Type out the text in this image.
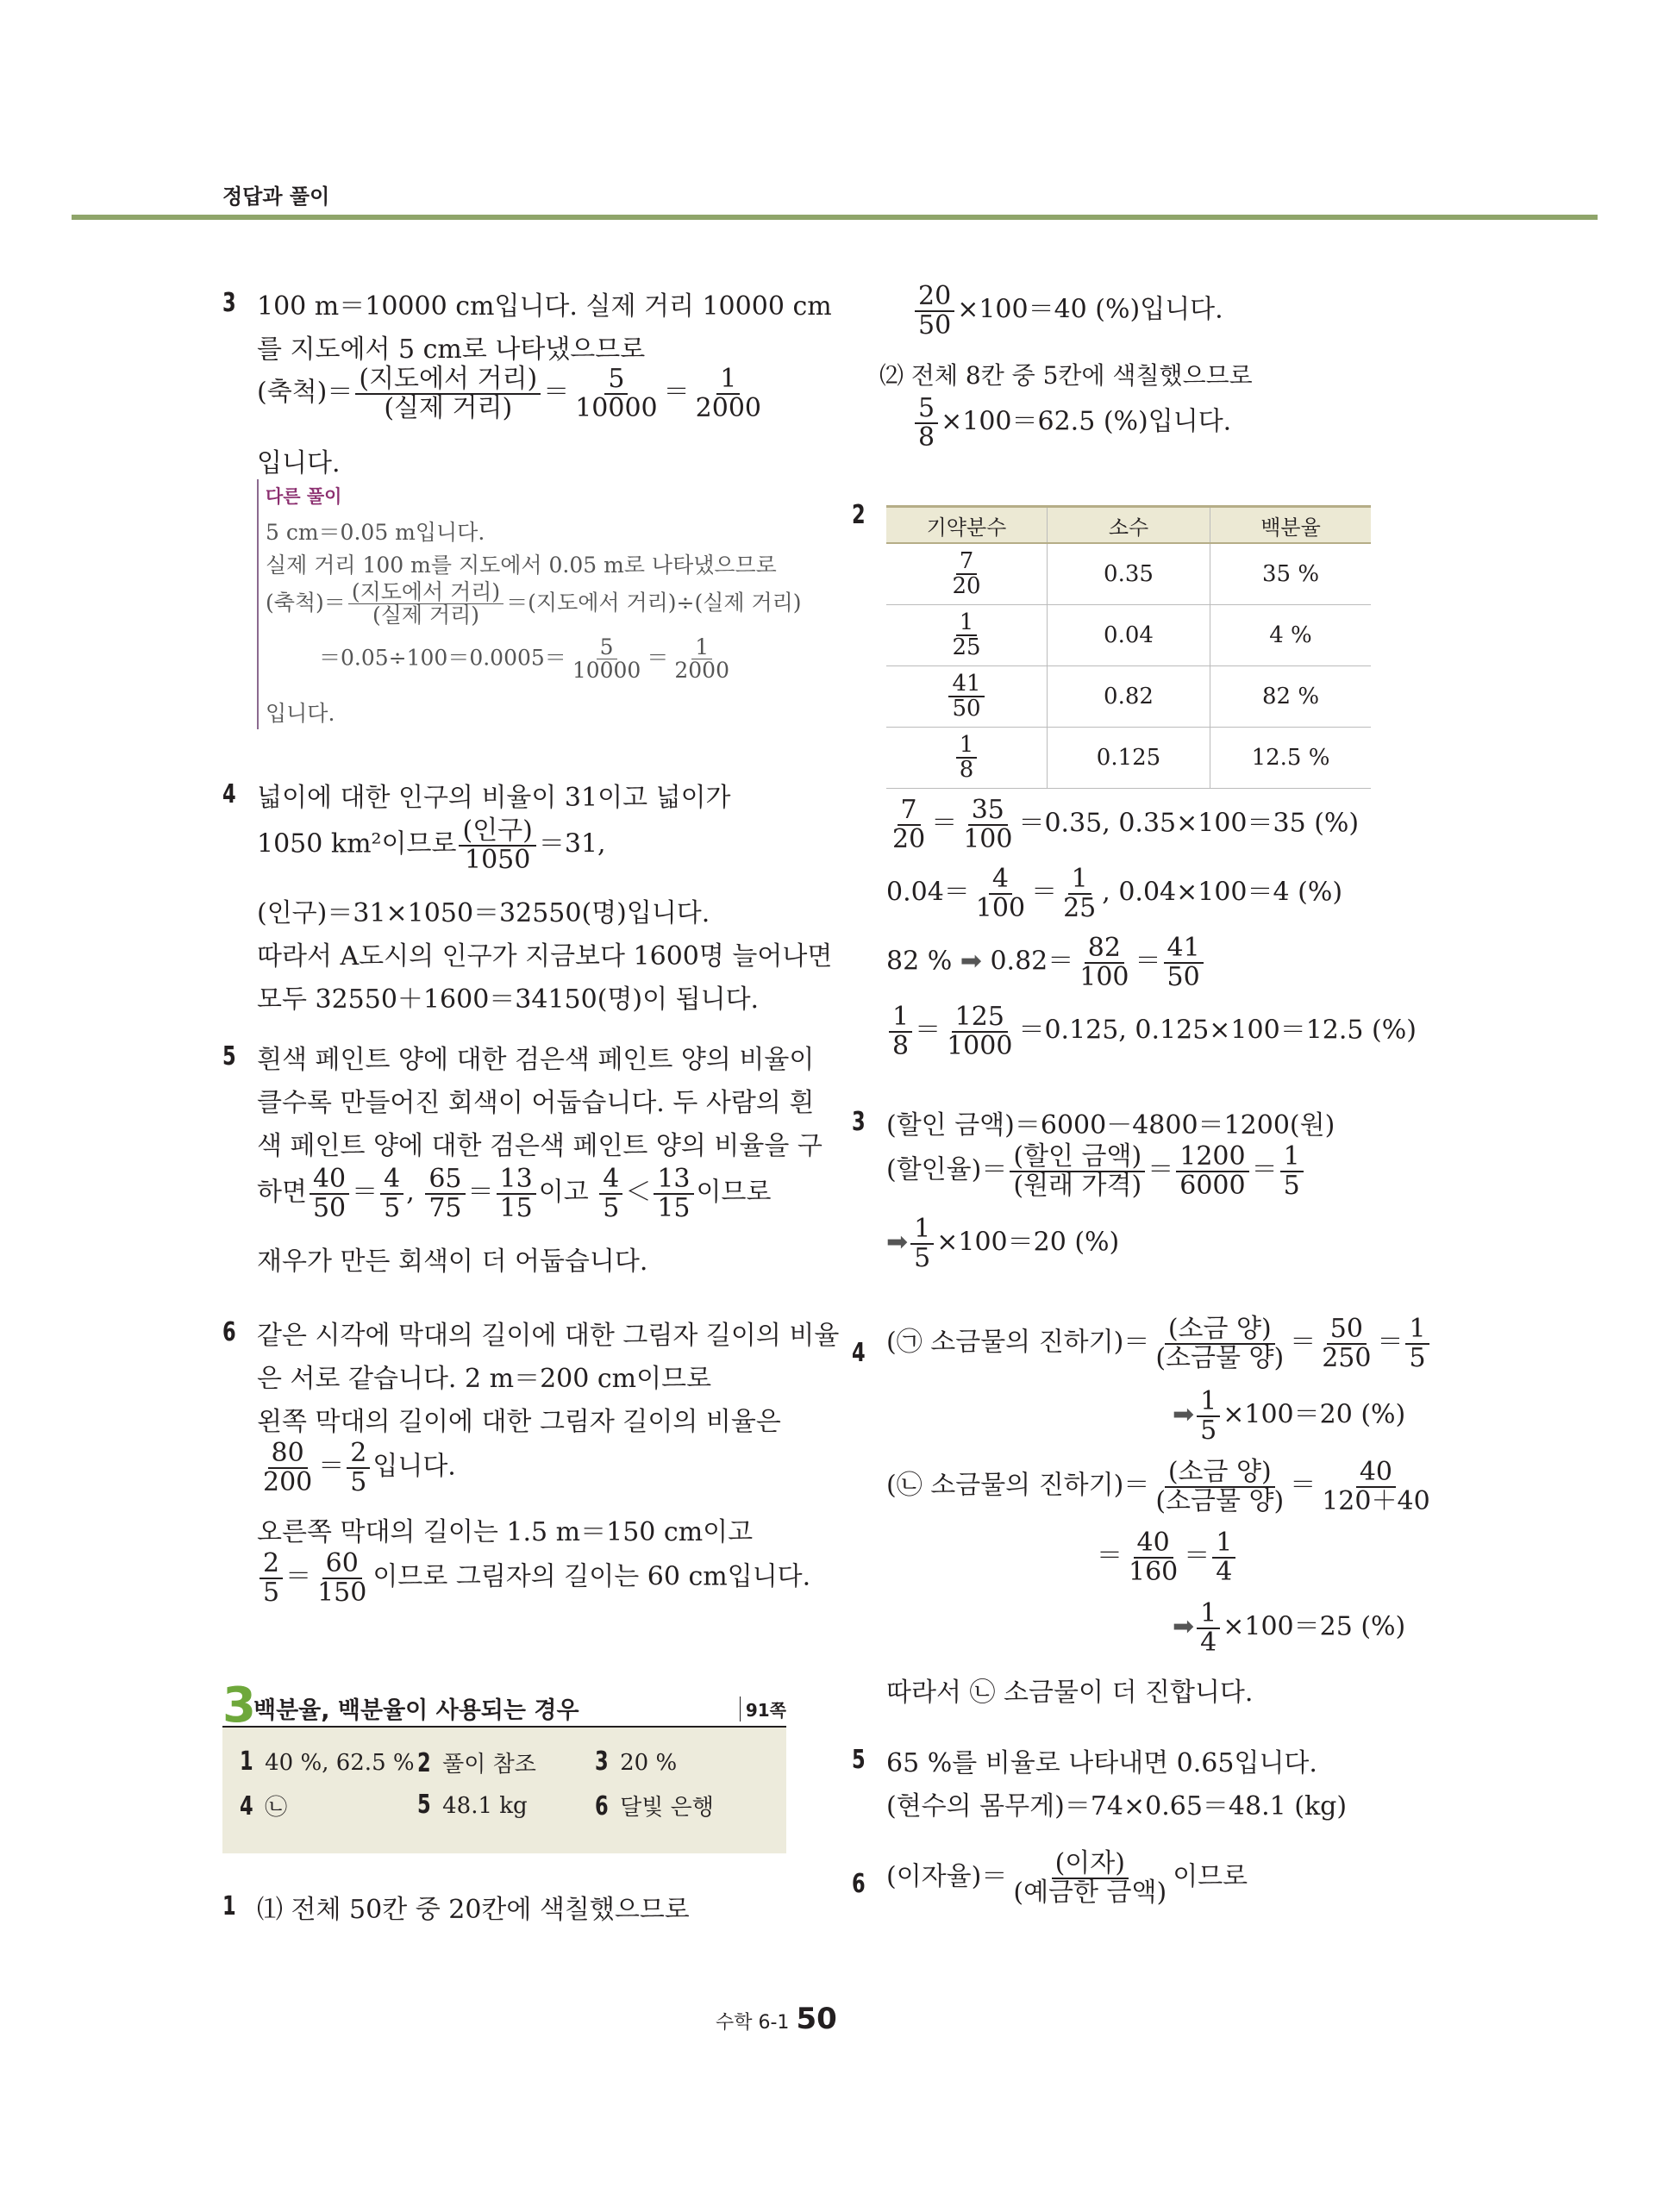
정답과 풀이
3 100 m＝10000 cm입니다. 실제 거리 10000 cm
를 지도에서 5 cm로 나타냈으므로
(축척)＝ $\frac{\text{(지도에서 거리)}}{\text{(실제 거리)}} = \frac{5}{10000} = \frac{1}{2000}$
입니다.
다른 풀이
5 cm＝0.05 m입니다.
실제 거리 100 m를 지도에서 0.05 m로 나타냈으므로
(축척)＝ $\frac{\text{(지도에서 거리)}}{\text{(실제 거리)}}$ ＝(지도에서 거리)÷(실제 거리)
$=0.05\div 100=0.0005= \frac{5}{10000} = \frac{1}{2000}$
입니다.
4 넓이에 대한 인구의 비율이 31이고 넓이가
1050 km²이므로 $\frac{\text{(인구)}}{1050} =31$,
(인구)＝31×1050＝32550(명)입니다.
따라서 A도시의 인구가 지금보다 1600명 늘어나면
모두 32550＋1600＝34150(명)이 됩니다.
5 흰색 페인트 양에 대한 검은색 페인트 양의 비율이
클수록 만들어진 회색이 어둡습니다. 두 사람의 흰
색 페인트 양에 대한 검은색 페인트 양의 비율을 구
하면 $\frac{40}{50} = \frac{4}{5}$ , $\frac{65}{75} = \frac{13}{15}$ 이고 $\frac{4}{5} < \frac{13}{15}$ 이므로
재우가 만든 회색이 더 어둡습니다.
6 같은 시각에 막대의 길이에 대한 그림자 길이의 비율
은 서로 같습니다. 2 m＝200 cm이므로
왼쪽 막대의 길이에 대한 그림자 길이의 비율은
$\frac{80}{200} = \frac{2}{5}$ 입니다.
오른쪽 막대의 길이는 1.5 m＝150 cm이고
$\frac{2}{5} = \frac{60}{150}$ 이므로 그림자의 길이는 60 cm입니다.
3
백분율, 백분율이 사용되는 경우	91쪽
1 40 %, 62.5 % 2 풀이 참조 3 20 %
4 ㉡	5 48.1 kg	6 달빛 은행
1 ⑴ 전체 50칸 중 20칸에 색칠했으므로
$\frac{20}{50} \times 100=40$ (%)입니다.
⑵ 전체 8칸 중 5칸에 색칠했으므로
$\frac{5}{8} \times 100=62.5$ (%)입니다.
2	기약분수	소수	백분율

$\frac{7}{20}$	0.35	35 %

$\frac{1}{25}$	0.04	4 %

$\frac{41}{50}$	0.82	82 %

$\frac{1}{8}$	0.125	12.5 %
$\frac{7}{20} = \frac{35}{100} =0.35$, 0.35×100＝35 (%)
$0.04= \frac{4}{100} = \frac{1}{25}$ , 0.04×100＝4 (%)
82 % ➡ $0.82= \frac{82}{100} = \frac{41}{50}$
$\frac{1}{8} = \frac{125}{1000} =0.125$, 0.125×100＝12.5 (%)
3 (할인 금액)＝6000－4800＝1200(원)
(할인율)＝ $\frac{\text{(할인 금액)}}{\text{(원래 가격)}} = \frac{1200}{6000} = \frac{1}{5}$
➡ $\frac{1}{5} \times 100=20$ (%)
4 (㉠ 소금물의 진하기)＝ $\frac{\text{(소금 양)}}{\text{(소금물 양)}} = \frac{50}{250} = \frac{1}{5}$
➡ $\frac{1}{5} \times 100=20$ (%)
(㉡ 소금물의 진하기)＝ $\frac{\text{(소금 양)}}{\text{(소금물 양)}} = \frac{40}{120+40}$
＝ $\frac{40}{160} = \frac{1}{4}$
➡ $\frac{1}{4} \times 100=25$ (%)
따라서 ㉡ 소금물이 더 진합니다.
5 65 %를 비율로 나타내면 0.65입니다.
(현수의 몸무게)＝74×0.65＝48.1 (kg)
6 (이자율)＝ $\frac{\text{(이자)}}{\text{(예금한 금액)}}$ 이므로
수학 6-1 50
